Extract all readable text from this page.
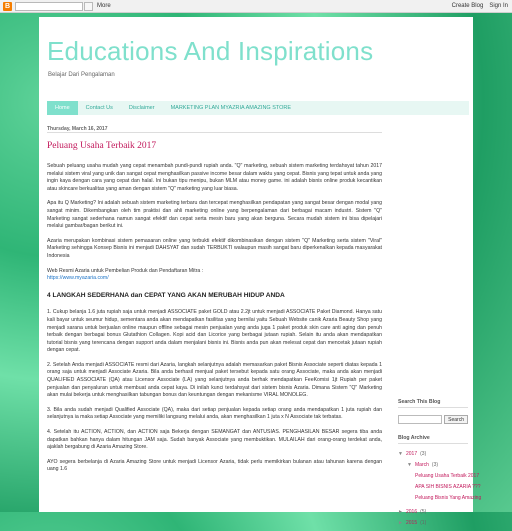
B	More	Create Blog Sign In
Educations And Inspirations
Belajar Dari Pengalaman
Home	Contact Us	Disclaimer	MARKETING PLAN MYAZRIA AMAZING STORE
Thursday, March 16, 2017
Peluang Usaha Terbaik 2017

Sebuah peluang usaha mudah yang cepat menambah pundi-pundi rupiah anda. "Q" marketing, sebuah sistem marketing terdahsyat tahun 2017 melalui sistem viral yang unik dan sangat cepat menghasilkan passive income besar dalam waktu yang cepat. Bisnis yang tepat untuk anda yang ingin kaya dengan cara yang cepat dan halal. Ini bukan tipu menipu, bukan MLM atau money game. ini adalah bisnis online produk kecantikan atau skincare berkualitas yang aman dengan sistem "Q" marketing yang luar biasa.

Apa itu Q Marketing? Ini adalah sebuah sistem marketing terbaru dan tercepat menghasilkan pendapatan yang sangat besar dengan modal yang sangat minim. Dikembangkan oleh tim praktisi dan ahli marketing online yang berpengalaman dari berbagai macam industri. Sistem "Q" Marketing sangat sederhana namun sangat efektif dan cepat serta mesin baru yang akan berguna. Secara mudah sistem ini bisa dipelajari melalui gambar/bagan berikut ini.

Azaria merupakan kombinasi sistem pemasaran online yang terbukti efektif dikombinasikan dengan sistem "Q" Marketing serta sistem "Viral" Marketing sehingga Konsep Bisnis ini menjadi DAHSYAT dan sudah TERBUKTI walaupun masih sangat baru diperkenalkan kepada masyarakat Indonesia

Web Resmi Azaria untuk Pembelian Produk dan Pendaftaran Mitra :
https://www.myazaria.com/

4 LANGKAH SEDERHANA dan CEPAT YANG AKAN MERUBAH HIDUP ANDA

1. Cukup belanja 1.6 juta rupiah saja untuk menjadi ASSOCIATE paket GOLD atau 2.2jt untuk menjadi ASSOCIATE Paket Diamond. Hanya satu kali bayar untuk seumur hidup, sementara anda akan mendapatkan fasilitas yang bernilai yaitu Sebuah Website canik Azaria Beauty Shop yang menjadi sarana untuk berjualan online maupun offline sebagai mesin penjualan yang anda juga 1 paket produk skin care anti aging dan penuh terbaik dengan berbagai bonus Glutathion Collagen. Kopi acid dan Licorice yang berbagai jutaan rupiah. Selain itu anda akan mendapatkan tutorial bisnis yang terencana dengan support anda dalam menjalani bisnis ini. Bisnis anda pun akan melesat cepat dan mencetak jutaan rupiah dengan cepat.

2. Setelah Anda menjadi ASSOCIATE resmi dari Azaria, langkah selanjutnya adalah memasarkan paket Bisnis Associate seperti diatas kepada 1 orang saja untuk menjadi Associate Azaria. Bila anda berhasil menjual paket tersebut kepada satu orang Associate, maka anda akan menjadi QUALIFIED ASSOCIATE (QA) atau Licensor Associate (LA) yang selanjutnya anda berhak mendapatkan FeeKomisi 1jt Rupiah per paket penjualan dan penyaluran untuk membuat anda cepat kaya. Di inilah kunci terdahsyat dari sistem bisnis Azaria. Dimana Sistem "Q" Marketing akan mulai bekerja untuk menghasilkan tabungan bonus dan keuntungan dengan mekanisme VIRAL MONOLEG.

3. Bila anda sudah menjadi Qualified Associate (QA), maka dari setiap penjualan kepada setiap orang anda mendapatkan 1 juta rupiah dan selanjutnya ia maka setiap Associate yang memiliki langsung melalui anda, akan menghasilkan 1 juta x N Associate tak terbatas.

4. Setelah itu ACTION, ACTION, dan ACTION saja Bekerja dengan SEMANGAT dan ANTUSIAS. PENGHASILAN BESAR segera tiba anda dapatkan bahkan hanya dalam hitungan JAM saja. Sudah banyak Associate yang membuktikan. MULAILAH dari orang-orang terdekat anda, ajaklah bergabung di Azaria Amazing Store.

AYO segera berbelanja di Azaria Amazing Store untuk menjadi Licensor Azaria, tidak perlu memikirkan bulanan atau tahunan karena dengan uang 1.6

Search This Blog
Search
Blog Archive
▼ 2017 (3)
▼ March (3)
Peluang Usaha Terbaik 2017
APA SIH BISNIS AZARIA ???
Peluang Bisnis Yang Amazing
► 2016 (5)
► 2015 (1)
